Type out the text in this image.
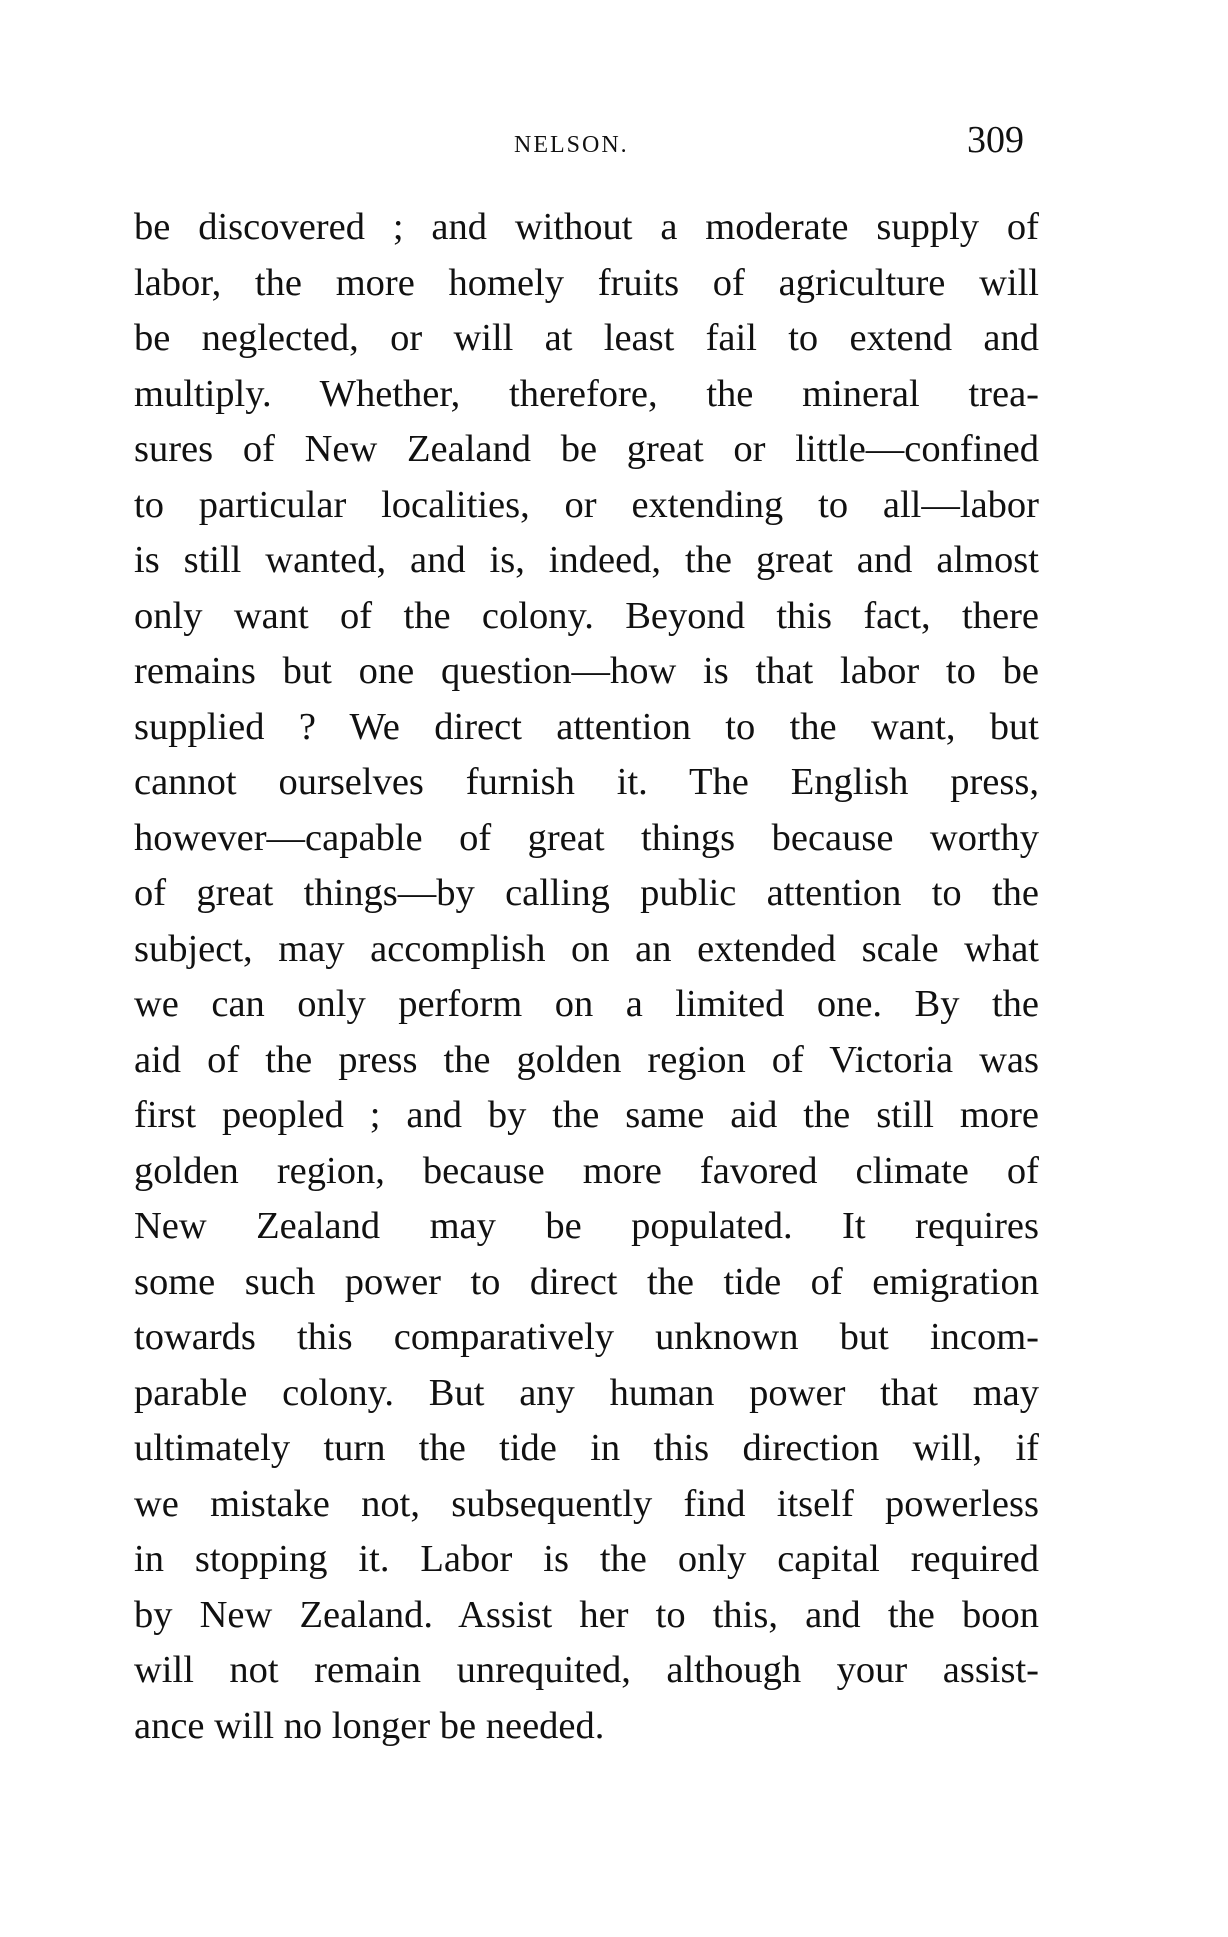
NELSON.	309
be discovered ; and without a moderate supply of
labor, the more homely fruits of agriculture will
be neglected, or will at least fail to extend and
multiply. Whether, therefore, the mineral trea-
sures of New Zealand be great or little—confined
to particular localities, or extending to all—labor
is still wanted, and is, indeed, the great and almost
only want of the colony. Beyond this fact, there
remains but one question—how is that labor to be
supplied ? We direct attention to the want, but
cannot ourselves furnish it. The English press,
however—capable of great things because worthy
of great things—by calling public attention to the
subject, may accomplish on an extended scale what
we can only perform on a limited one. By the
aid of the press the golden region of Victoria was
first peopled ; and by the same aid the still more
golden region, because more favored climate of
New Zealand may be populated. It requires
some such power to direct the tide of emigration
towards this comparatively unknown but incom-
parable colony. But any human power that may
ultimately turn the tide in this direction will, if
we mistake not, subsequently find itself powerless
in stopping it. Labor is the only capital required
by New Zealand. Assist her to this, and the boon
will not remain unrequited, although your assist-
ance will no longer be needed.
